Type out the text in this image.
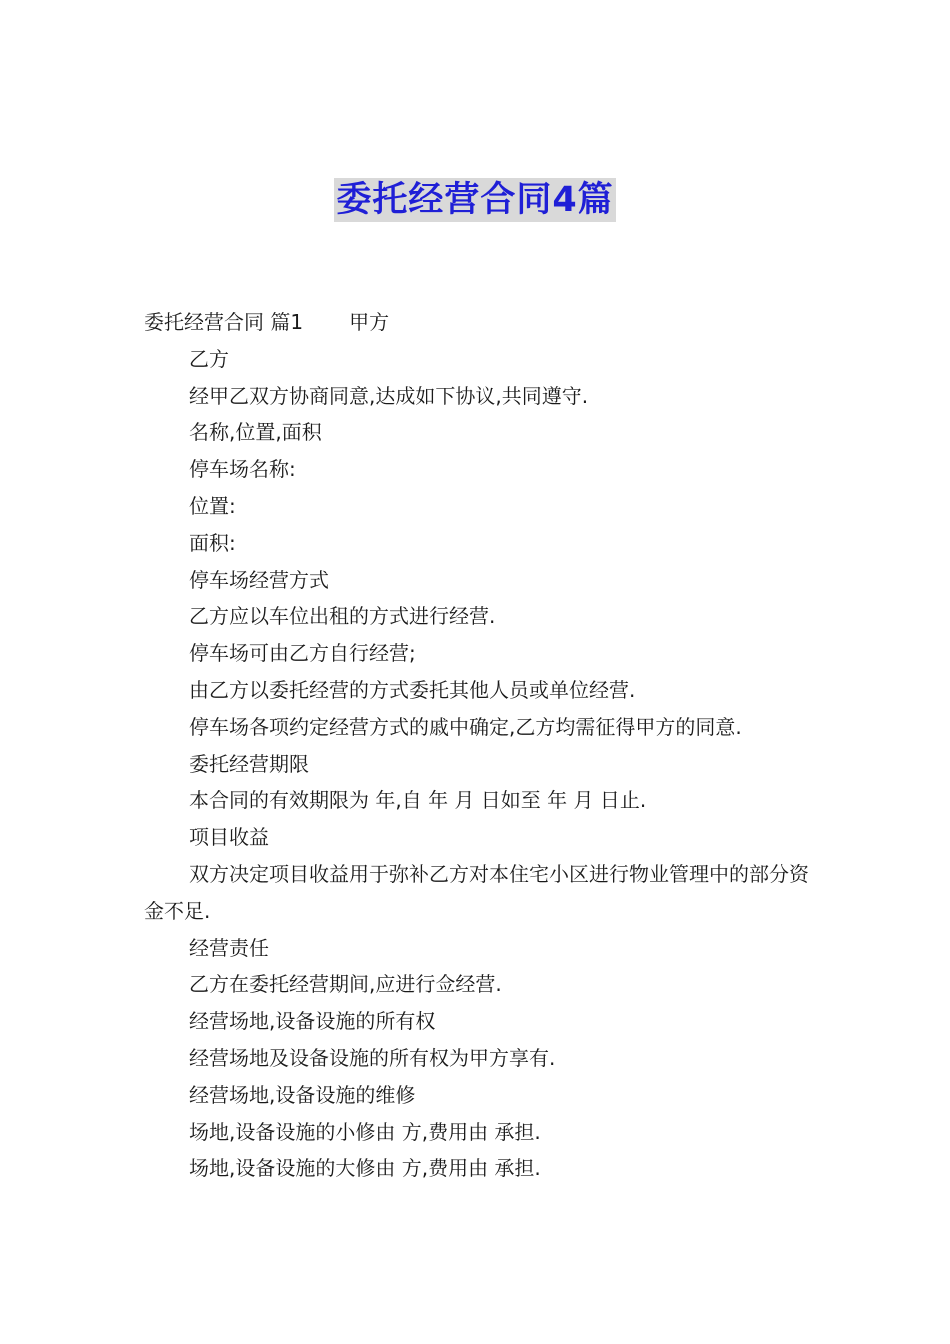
委托经营合同4篇

委托经营合同 篇1 甲方

乙方

经甲乙双方协商同意,达成如下协议,共同遵守.

名称,位置,面积

停车场名称:

位置:

面积:

停车场经营方式

乙方应以车位出租的方式进行经营.

停车场可由乙方自行经营;

由乙方以委托经营的方式委托其他人员或单位经营.

停车场各项约定经营方式的戚中确定,乙方均需征得甲方的同意.

委托经营期限

本合同的有效期限为 年,自 年 月 日如至 年 月 日止.

项目收益

双方决定项目收益用于弥补乙方对本住宅小区进行物业管理中的部分资金不足.

经营责任

乙方在委托经营期间,应进行佥经营.

经营场地,设备设施的所有权

经营场地及设备设施的所有权为甲方享有.

经营场地,设备设施的维修

场地,设备设施的小修由 方,费用由 承担.

场地,设备设施的大修由 方,费用由 承担.
